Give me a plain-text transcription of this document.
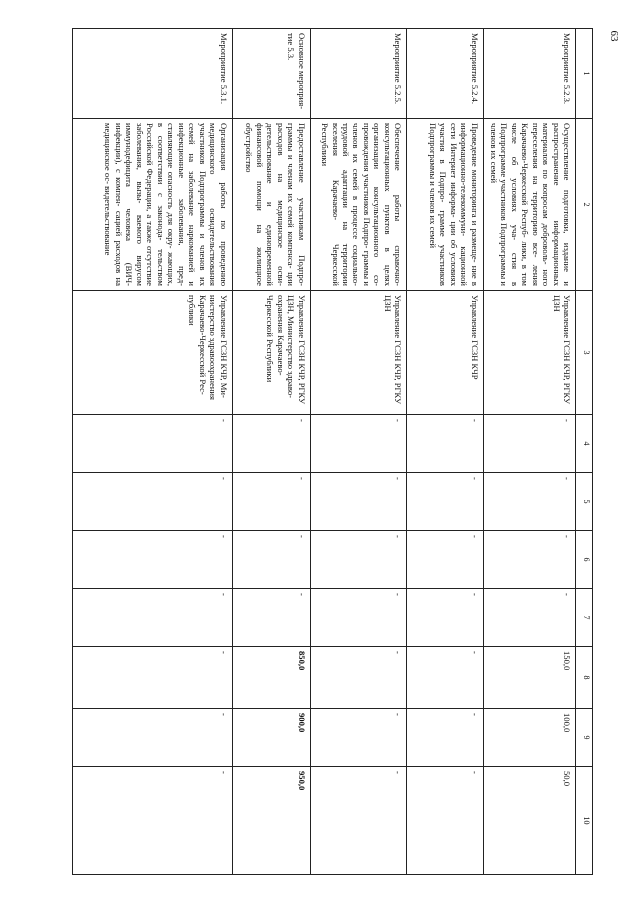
63
1	2	3	4	5	6	7	8	9	10
Мероприятие 5.2.3.	Осуществление подготовки, издание и распространение информационных материалов по вопросам доброволь- ного переселения на территорию все- ления Карачаево-Черкесской Респуб- лики, в том числе об условиях уча- стия в Подпрограмме участников Подпрограммы и членов их семей	Управление ГСЗН КЧР, РГКУ ЦЗН	-	-	-	-	150,0	100,0	50,0
Мероприятие 5.2.4.	Проведение мониторинга и размеще- ние в информационно-телекоммуни- кационной сети Интернет информа- ции об условиях участия в Подпро- грамме участников Подпрограммы и членов их семей	Управление ГСЗН КЧР	-	-	-	-	-	-	-
Мероприятие 5.2.5.	Обеспечение работы справочно- консультационных пунктов в целях организации консультационного со- провождения участников Подпро- граммы и членов их семей в процессе социально-трудовой адаптации на территории вселения Карачаево- Черкесской Республики	Управление ГСЗН КЧР, РГКУ ЦЗН	-	-	-	-	-	-	-
Основное мероприя- тие 5.3.	Предоставление участникам Подпро- граммы и членам их семей компенса- ции расходов на медицинское осви- детельствование и единовременной финансовой помощи на жилищное обустройство	Управление ГСЗН КЧР, РГКУ ЦЗН, Министерство здраво- охранения Карачаево- Черкесской Республики	-	-	-	-	850,0	900,0	950,0
Мероприятие 5.3.1.	Организация работы по проведению медицинского освидетельствования участников Подпрограммы и членов их семей на заболевание наркоманией и инфекционные заболевания, пред- ставляющие опасность для окру- жающих, в соответствии с законода- тельством Российской Федерации, а также отсутствие заболевания, вызы- ваемого вирусом иммунодефицита человека (ВИЧ-инфекции), с компен- сацией расходов на медицинское ос- видетельствование	Управление ГСЗН КЧР, Ми- нистерство здравоохранения Карачаево-Черкесской Рес- публики	-	-	-	-	-	-	-
